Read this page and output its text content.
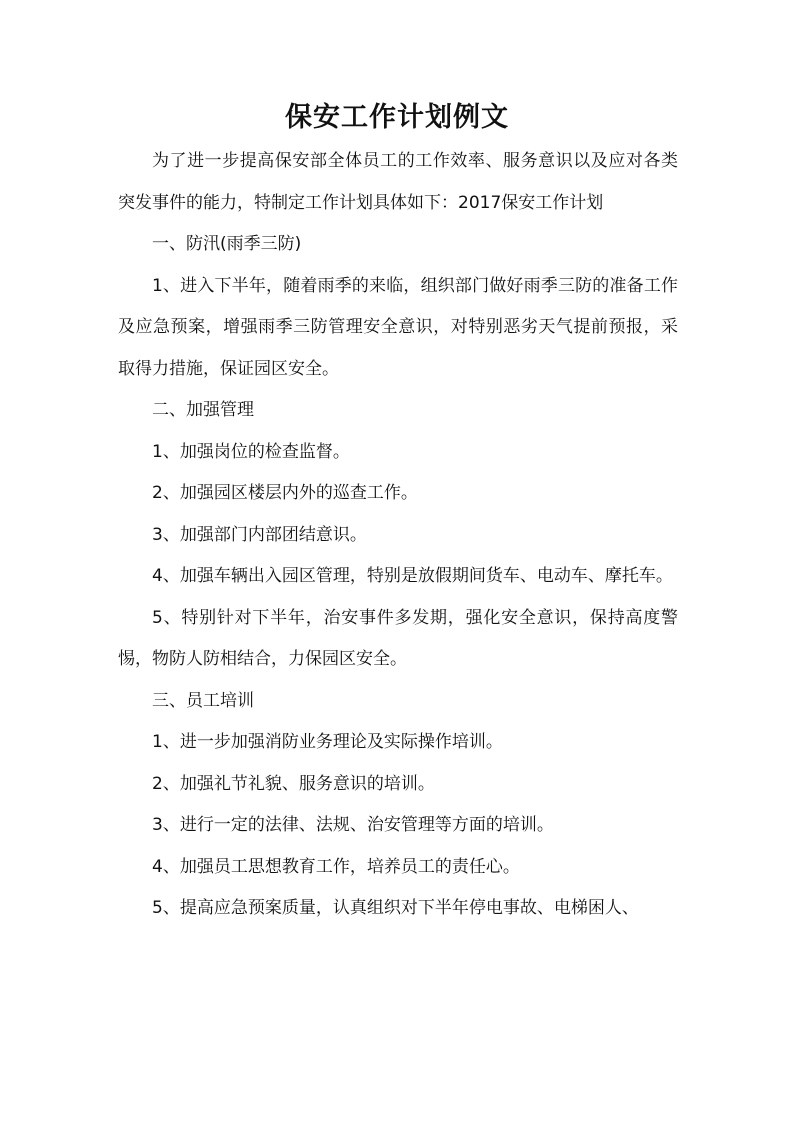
保安工作计划例文

为了进一步提高保安部全体员工的工作效率、服务意识以及应对各类突发事件的能力，特制定工作计划具体如下：2017保安工作计划

一、防汛(雨季三防)

1、进入下半年，随着雨季的来临，组织部门做好雨季三防的准备工作及应急预案，增强雨季三防管理安全意识，对特别恶劣天气提前预报，采取得力措施，保证园区安全。

二、加强管理

1、加强岗位的检查监督。

2、加强园区楼层内外的巡查工作。

3、加强部门内部团结意识。

4、加强车辆出入园区管理，特别是放假期间货车、电动车、摩托车。

5、特别针对下半年，治安事件多发期，强化安全意识，保持高度警惕，物防人防相结合，力保园区安全。

三、员工培训

1、进一步加强消防业务理论及实际操作培训。

2、加强礼节礼貌、服务意识的培训。

3、进行一定的法律、法规、治安管理等方面的培训。

4、加强员工思想教育工作，培养员工的责任心。

5、提高应急预案质量，认真组织对下半年停电事故、电梯困人、
